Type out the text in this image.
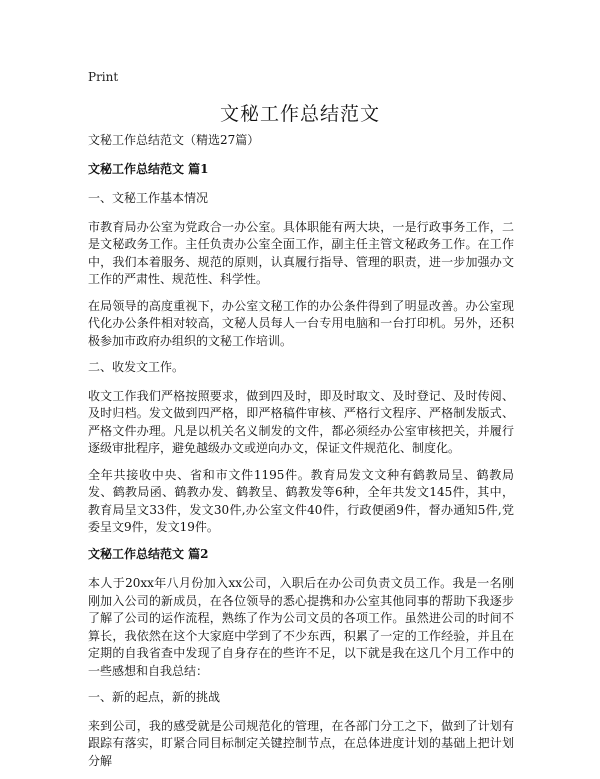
Print
文秘工作总结范文

文秘工作总结范文（精选27篇）

文秘工作总结范文 篇1

一、文秘工作基本情况

市教育局办公室为党政合一办公室。具体职能有两大块，一是行政事务工作，二是文秘政务工作。主任负责办公室全面工作，副主任主管文秘政务工作。在工作中，我们本着服务、规范的原则，认真履行指导、管理的职责，进一步加强办文工作的严肃性、规范性、科学性。

在局领导的高度重视下，办公室文秘工作的办公条件得到了明显改善。办公室现代化办公条件相对较高，文秘人员每人一台专用电脑和一台打印机。另外，还积极参加市政府办组织的文秘工作培训。

二、收发文工作。

收文工作我们严格按照要求，做到四及时，即及时取文、及时登记、及时传阅、及时归档。发文做到四严格，即严格稿件审核、严格行文程序、严格制发版式、严格文件办理。凡是以机关名义制发的文件，都必须经办公室审核把关，并履行逐级审批程序，避免越级办文或逆向办文，保证文件规范化、制度化。

全年共接收中央、省和市文件1195件。教育局发文文种有鹤教局呈、鹤教局发、鹤教局函、鹤教办发、鹤教呈、鹤教发等6种，全年共发文145件，其中，教育局呈文33件，发文30件,办公室文件40件，行政便函9件，督办通知5件,党委呈文9件，发文19件。

文秘工作总结范文 篇2

本人于20xx年八月份加入xx公司，入职后在办公司负责文员工作。我是一名刚刚加入公司的新成员，在各位领导的悉心提携和办公室其他同事的帮助下我逐步了解了公司的运作流程，熟练了作为公司文员的各项工作。虽然进公司的时间不算长，我依然在这个大家庭中学到了不少东西，积累了一定的工作经验，并且在定期的自我省查中发现了自身存在的些许不足，以下就是我在这几个月工作中的一些感想和自我总结：

一、新的起点，新的挑战

来到公司，我的感受就是公司规范化的管理，在各部门分工之下，做到了计划有跟踪有落实，盯紧合同目标制定关键控制节点，在总体进度计划的基础上把计划分解
